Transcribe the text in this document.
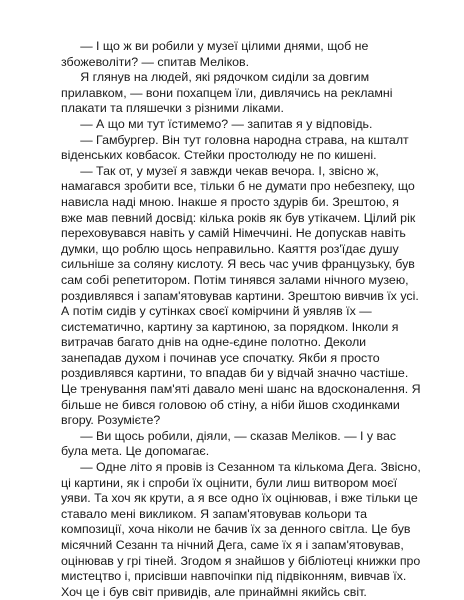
— І що ж ви робили у музеї цілими днями, щоб не збожеволіти? — спитав Меліков.

Я глянув на людей, які рядочком сиділи за довгим прилавком, — вони похапцем їли, дивлячись на рекламні плакати та пляшечки з різними ліками.

— А що ми тут їстимемо? — запитав я у відповідь.

— Гамбургер. Він тут головна народна страва, на кшталт віденських ковбасок. Стейки простолюду не по кишені.

— Так от, у музеї я завжди чекав вечора. І, звісно ж, намагався зробити все, тільки б не думати про небезпеку, що нависла наді мною. Інакше я просто здурів би. Зрештою, я вже мав певний досвід: кілька років як був утікачем. Цілий рік переховувався навіть у самій Німеччині. Не допускав навіть думки, що роблю щось неправильно. Каяття роз'їдає душу сильніше за соляну кислоту. Я весь час учив французьку, був сам собі репетитором. Потім тинявся залами нічного музею, роздивлявся і запам'ятовував картини. Зрештою вивчив їх усі. А потім сидів у сутінках своєї комірчини й уявляв їх — систематично, картину за картиною, за порядком. Інколи я витрачав багато днів на одне-єдине полотно. Деколи занепадав духом і починав усе спочатку. Якби я просто роздивлявся картини, то впадав би у відчай значно частіше. Це тренування пам'яті давало мені шанс на вдосконалення. Я більше не бився головою об стіну, а ніби йшов сходинками вгору. Розумієте?

— Ви щось робили, діяли, — сказав Меліков. — І у вас була мета. Це допомагає.

— Одне літо я провів із Сезанном та кількома Дега. Звісно, ці картини, як і спроби їх оцінити, були лиш витвором моєї уяви. Та хоч як крути, а я все одно їх оцінював, і вже тільки це ставало мені викликом. Я запам'ятовував кольори та композиції, хоча ніколи не бачив їх за денного світла. Це був місячний Сезанн та нічний Дега, саме їх я і запам'ятовував, оцінював у грі тіней. Згодом я знайшов у бібліотеці книжки про мистецтво і, присівши навпочіпки під підвіконням, вивчав їх. Хоч це і був світ привидів, але принаймні якийсь світ.
